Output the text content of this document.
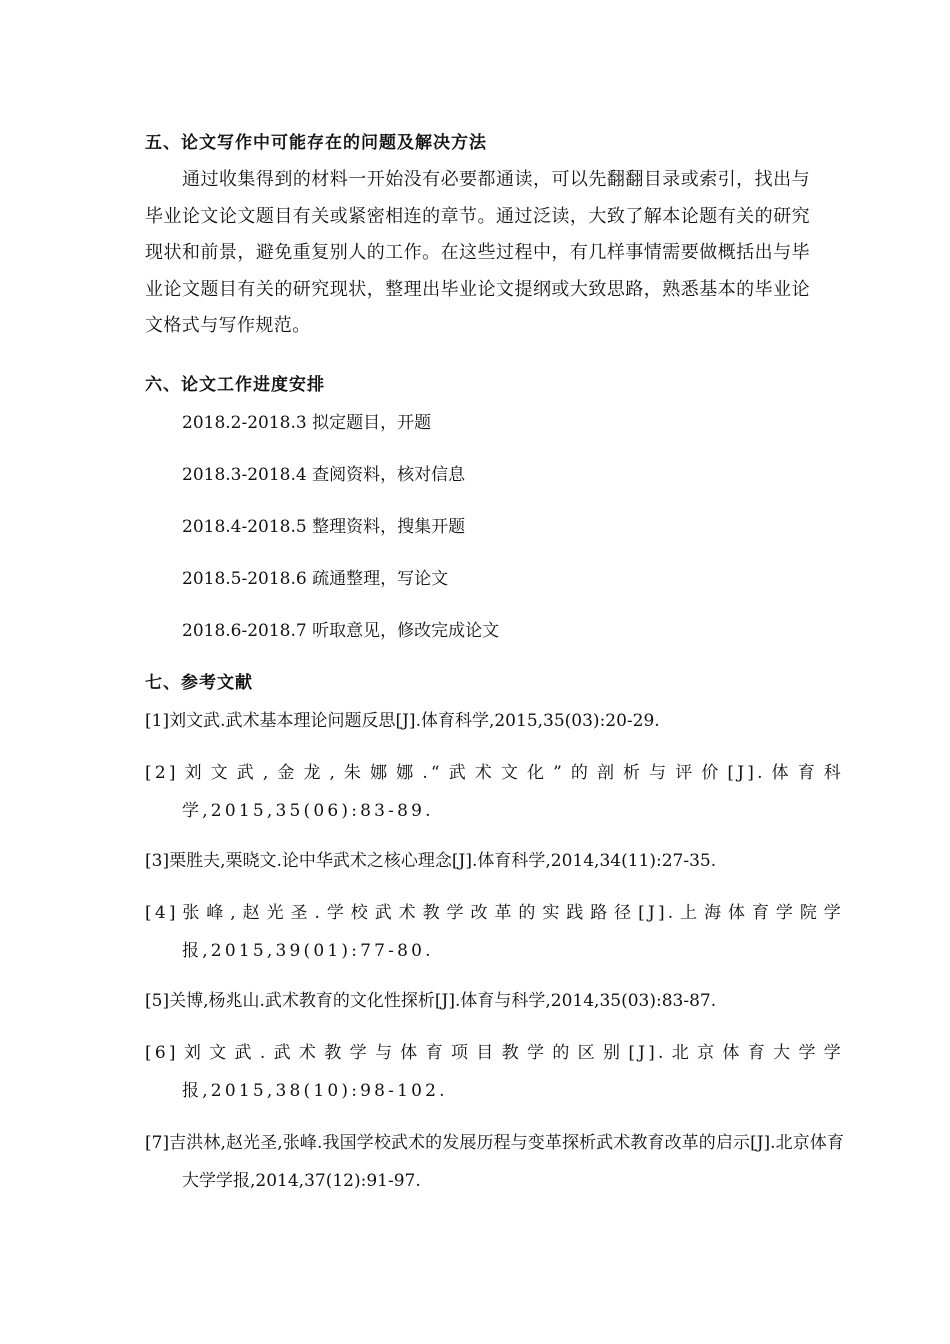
五、论文写作中可能存在的问题及解决方法
通过收集得到的材料一开始没有必要都通读，可以先翻翻目录或索引，找出与毕业论文论文题目有关或紧密相连的章节。通过泛读，大致了解本论题有关的研究现状和前景，避免重复别人的工作。在这些过程中，有几样事情需要做概括出与毕业论文题目有关的研究现状，整理出毕业论文提纲或大致思路，熟悉基本的毕业论文格式与写作规范。
六、论文工作进度安排
2018.2-2018.3 拟定题目，开题
2018.3-2018.4 查阅资料，核对信息
2018.4-2018.5 整理资料，搜集开题
2018.5-2018.6 疏通整理，写论文
2018.6-2018.7 听取意见，修改完成论文
七、参考文献
[1]刘文武.武术基本理论问题反思[J].体育科学,2015,35(03):20-29.
[2]刘文武,金龙,朱娜娜.“武术文化”的剖析与评价[J].体育科学,2015,35(06):83-89.
[3]栗胜夫,栗晓文.论中华武术之核心理念[J].体育科学,2014,34(11):27-35.
[4]张峰,赵光圣.学校武术教学改革的实践路径[J].上海体育学院学报,2015,39(01):77-80.
[5]关博,杨兆山.武术教育的文化性探析[J].体育与科学,2014,35(03):83-87.
[6]刘文武.武术教学与体育项目教学的区别[J].北京体育大学学报,2015,38(10):98-102.
[7]吉洪林,赵光圣,张峰.我国学校武术的发展历程与变革探析武术教育改革的启示[J].北京体育大学学报,2014,37(12):91-97.
